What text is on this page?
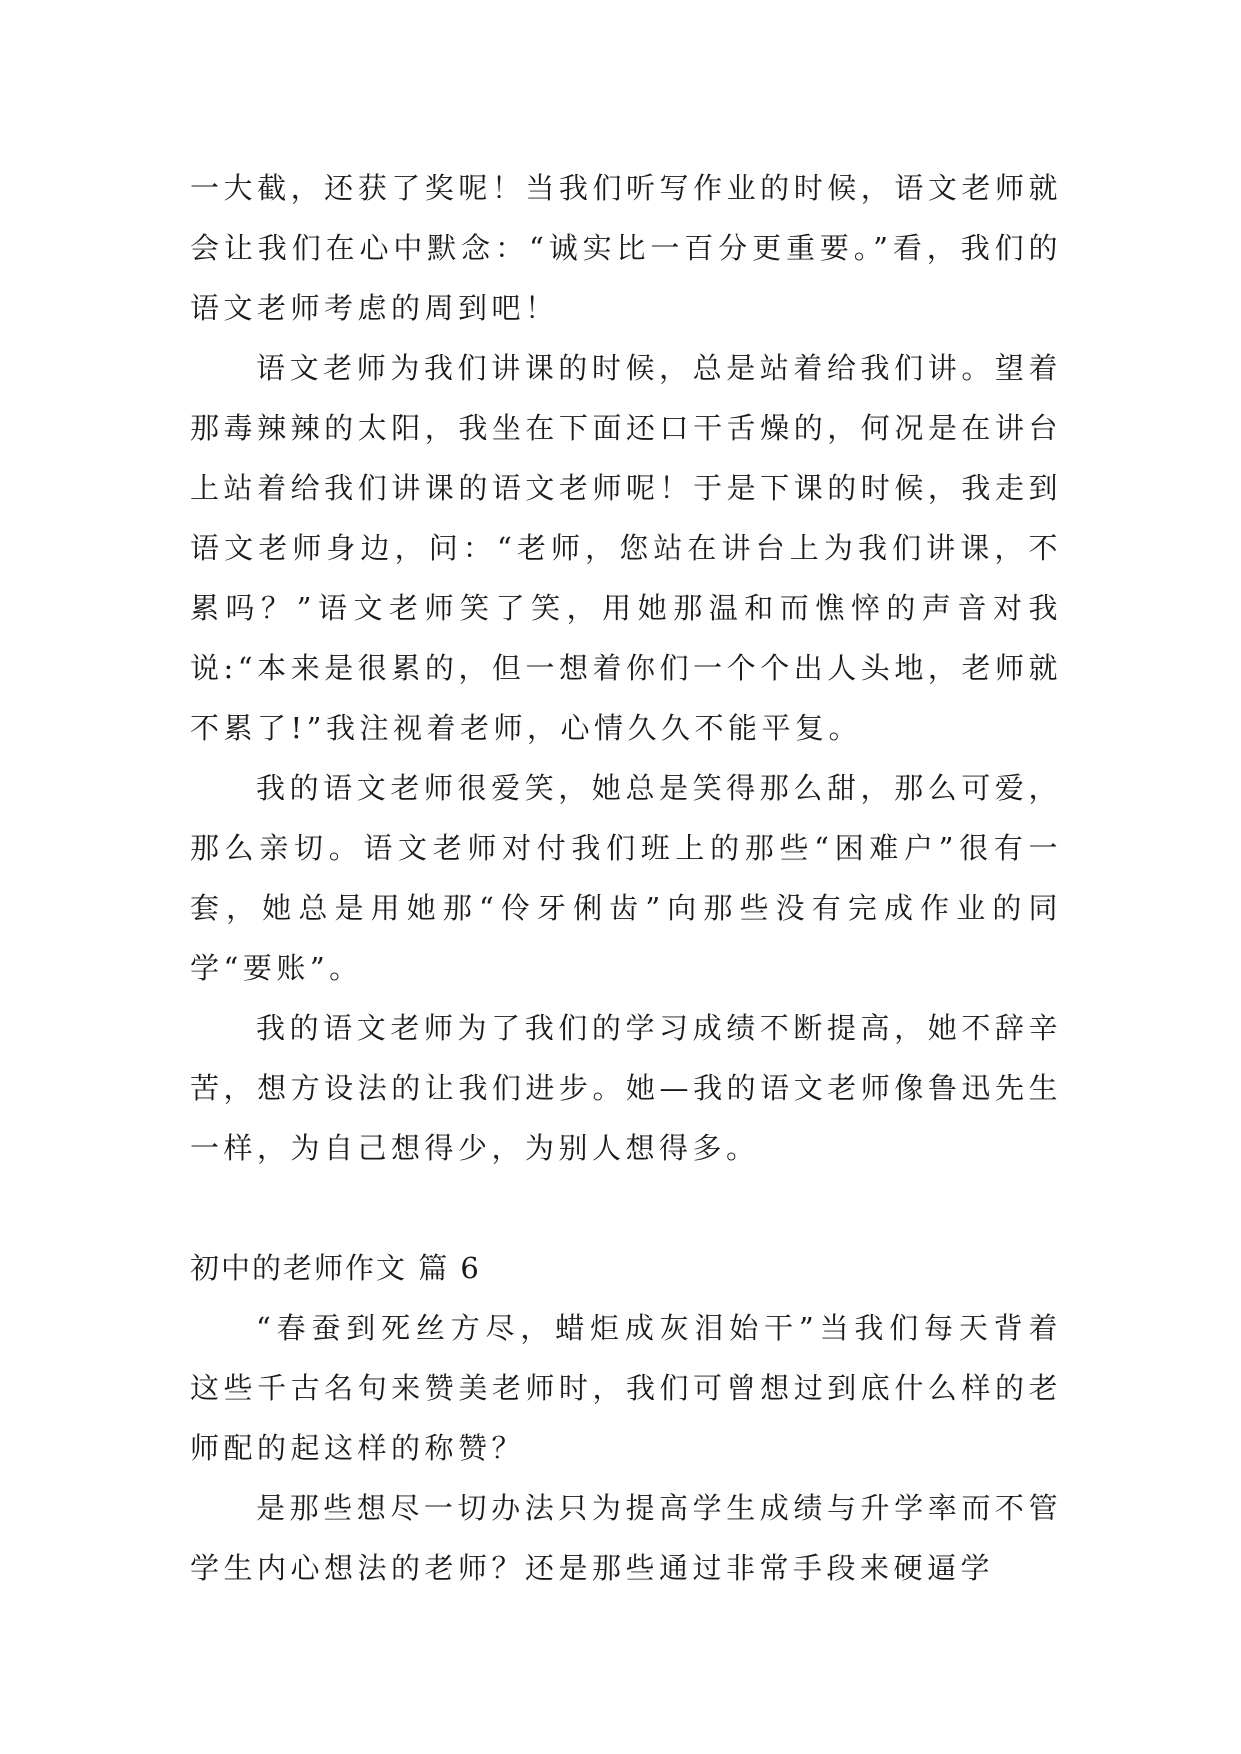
一大截，还获了奖呢！当我们听写作业的时候，语文老师就会让我们在心中默念：“诚实比一百分更重要。”看，我们的语文老师考虑的周到吧！

语文老师为我们讲课的时候，总是站着给我们讲。望着那毒辣辣的太阳，我坐在下面还口干舌燥的，何况是在讲台上站着给我们讲课的语文老师呢！于是下课的时候，我走到语文老师身边，问：“老师，您站在讲台上为我们讲课，不累吗？”语文老师笑了笑，用她那温和而憔悴的声音对我说:“本来是很累的，但一想着你们一个个出人头地，老师就不累了!”我注视着老师，心情久久不能平复。

我的语文老师很爱笑，她总是笑得那么甜，那么可爱，那么亲切。语文老师对付我们班上的那些“困难户”很有一套，她总是用她那“伶牙俐齿”向那些没有完成作业的同学“要账”。

我的语文老师为了我们的学习成绩不断提高，她不辞辛苦，想方设法的让我们进步。她—我的语文老师像鲁迅先生一样，为自己想得少，为别人想得多。

初中的老师作文 篇 6

“春蚕到死丝方尽，蜡炬成灰泪始干”当我们每天背着这些千古名句来赞美老师时，我们可曾想过到底什么样的老师配的起这样的称赞？

是那些想尽一切办法只为提高学生成绩与升学率而不管学生内心想法的老师？还是那些通过非常手段来硬逼学
